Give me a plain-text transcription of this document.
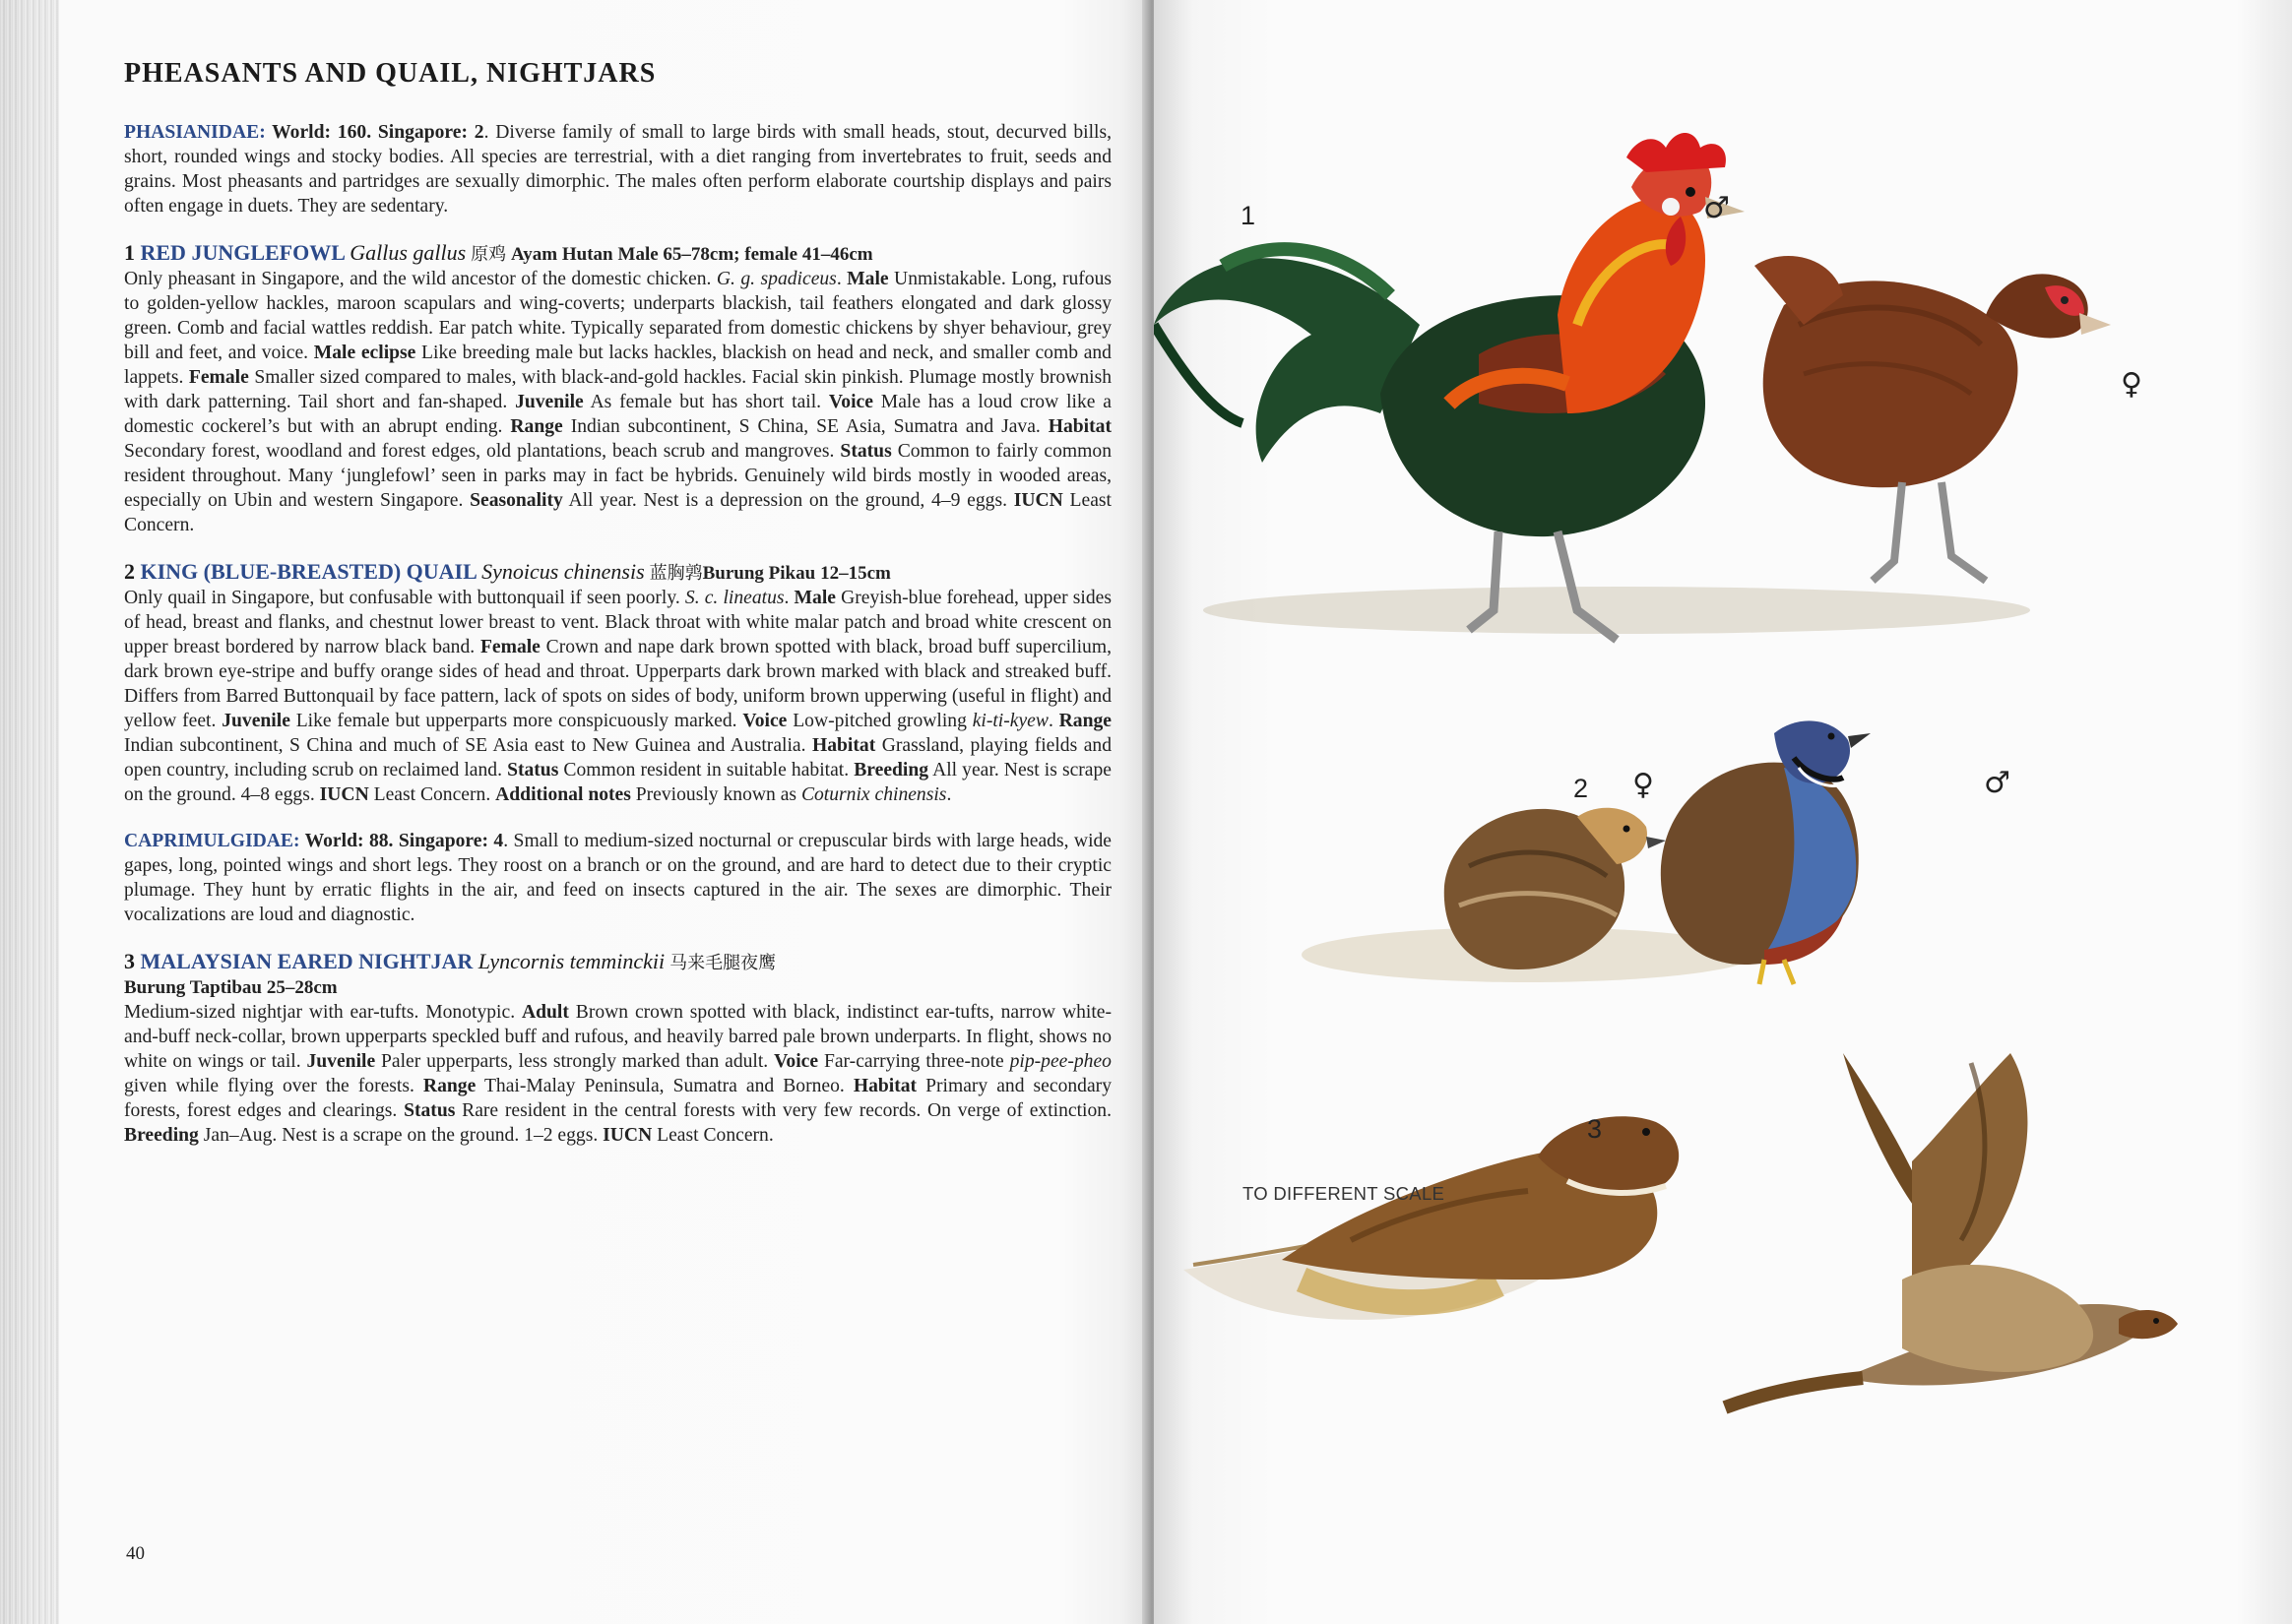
PHEASANTS AND QUAIL, NIGHTJARS

PHASIANIDAE: World: 160. Singapore: 2. Diverse family of small to large birds with small heads, stout, decurved bills, short, rounded wings and stocky bodies. All species are terrestrial, with a diet ranging from invertebrates to fruit, seeds and grains. Most pheasants and partridges are sexually dimorphic. The males often perform elaborate courtship displays and pairs often engage in duets. They are sedentary.

1 RED JUNGLEFOWL Gallus gallus 原鸡 Ayam Hutan Male 65–78cm; female 41–46cm
Only pheasant in Singapore, and the wild ancestor of the domestic chicken. G. g. spadiceus. Male Unmistakable. Long, rufous to golden-yellow hackles, maroon scapulars and wing-coverts; underparts blackish, tail feathers elongated and dark glossy green. Comb and facial wattles reddish. Ear patch white. Typically separated from domestic chickens by shyer behaviour, grey bill and feet, and voice. Male eclipse Like breeding male but lacks hackles, blackish on head and neck, and smaller comb and lappets. Female Smaller sized compared to males, with black-and-gold hackles. Facial skin pinkish. Plumage mostly brownish with dark patterning. Tail short and fan-shaped. Juvenile As female but has short tail. Voice Male has a loud crow like a domestic cockerel’s but with an abrupt ending. Range Indian subcontinent, S China, SE Asia, Sumatra and Java. Habitat Secondary forest, woodland and forest edges, old plantations, beach scrub and mangroves. Status Common to fairly common resident throughout. Many ‘junglefowl’ seen in parks may in fact be hybrids. Genuinely wild birds mostly in wooded areas, especially on Ubin and western Singapore. Seasonality All year. Nest is a depression on the ground, 4–9 eggs. IUCN Least Concern.

2 KING (BLUE-BREASTED) QUAIL Synoicus chinensis 蓝胸鹑Burung Pikau 12–15cm
Only quail in Singapore, but confusable with buttonquail if seen poorly. S. c. lineatus. Male Greyish-blue forehead, upper sides of head, breast and flanks, and chestnut lower breast to vent. Black throat with white malar patch and broad white crescent on upper breast bordered by narrow black band. Female Crown and nape dark brown spotted with black, broad buff supercilium, dark brown eye-stripe and buffy orange sides of head and throat. Upperparts dark brown marked with black and streaked buff. Differs from Barred Buttonquail by face pattern, lack of spots on sides of body, uniform brown upperwing (useful in flight) and yellow feet. Juvenile Like female but upperparts more conspicuously marked. Voice Low-pitched growling ki-ti-kyew. Range Indian subcontinent, S China and much of SE Asia east to New Guinea and Australia. Habitat Grassland, playing fields and open country, including scrub on reclaimed land. Status Common resident in suitable habitat. Breeding All year. Nest is scrape on the ground. 4–8 eggs. IUCN Least Concern. Additional notes Previously known as Coturnix chinensis.

CAPRIMULGIDAE: World: 88. Singapore: 4. Small to medium-sized nocturnal or crepuscular birds with large heads, wide gapes, long, pointed wings and short legs. They roost on a branch or on the ground, and are hard to detect due to their cryptic plumage. They hunt by erratic flights in the air, and feed on insects captured in the air. The sexes are dimorphic. Their vocalizations are loud and diagnostic.

3 MALAYSIAN EARED NIGHTJAR Lyncornis temminckii 马来毛腿夜鹰
Burung Taptibau 25–28cm
Medium-sized nightjar with ear-tufts. Monotypic. Adult Brown crown spotted with black, indistinct ear-tufts, narrow white-and-buff neck-collar, brown upperparts speckled buff and rufous, and heavily barred pale brown underparts. In flight, shows no white on wings or tail. Juvenile Paler upperparts, less strongly marked than adult. Voice Far-carrying three-note pip-pee-pheo given while flying over the forests. Range Thai-Malay Peninsula, Sumatra and Borneo. Habitat Primary and secondary forests, forest edges and clearings. Status Rare resident in the central forests with very few records. On verge of extinction. Breeding Jan–Aug. Nest is a scrape on the ground. 1–2 eggs. IUCN Least Concern.

40
1	♂
♀
2 ♀	♂
3
TO DIFFERENT SCALE
